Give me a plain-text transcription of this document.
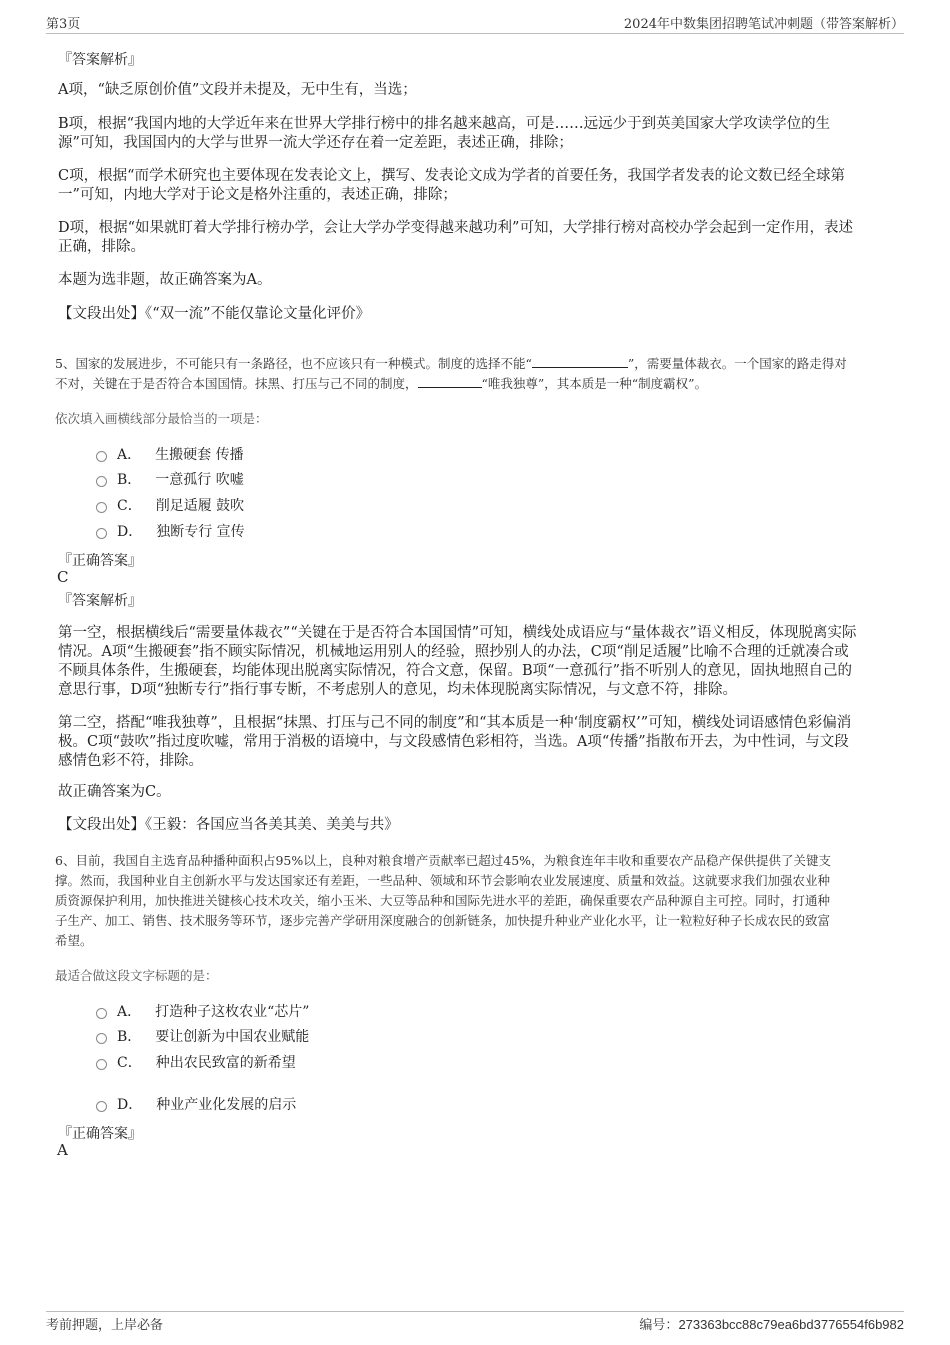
第3页	2024年中数集团招聘笔试冲刺题（带答案解析）
『答案解析』
A项，“缺乏原创价值”文段并未提及，无中生有，当选；
B项，根据“我国内地的大学近年来在世界大学排行榜中的排名越来越高，可是……远远少于到英美国家大学攻读学位的生
源”可知，我国国内的大学与世界一流大学还存在着一定差距，表述正确，排除；
C项，根据“而学术研究也主要体现在发表论文上，撰写、发表论文成为学者的首要任务，我国学者发表的论文数已经全球第
一”可知，内地大学对于论文是格外注重的，表述正确，排除；
D项，根据“如果就盯着大学排行榜办学，会让大学办学变得越来越功利”可知，大学排行榜对高校办学会起到一定作用，表述
正确，排除。
本题为选非题，故正确答案为A。
【文段出处】《“双一流”不能仅靠论文量化评价》
5、国家的发展进步，不可能只有一条路径，也不应该只有一种模式。制度的选择不能“	”，需要量体裁衣。一个国家的路走得对
不对，关键在于是否符合本国国情。抹黑、打压与己不同的制度，	“唯我独尊”，其本质是一种“制度霸权”。
依次填入画横线部分最恰当的一项是：
A． 生搬硬套 传播
B． 一意孤行 吹嘘
C． 削足适履 鼓吹
D． 独断专行 宣传
『正确答案』
C
『答案解析』
第一空，根据横线后“需要量体裁衣”“关键在于是否符合本国国情”可知，横线处成语应与“量体裁衣”语义相反，体现脱离实际
情况。A项“生搬硬套”指不顾实际情况，机械地运用别人的经验，照抄别人的办法，C项“削足适履”比喻不合理的迁就凑合或
不顾具体条件，生搬硬套，均能体现出脱离实际情况，符合文意，保留。B项“一意孤行”指不听别人的意见，固执地照自己的
意思行事，D项“独断专行”指行事专断，不考虑别人的意见，均未体现脱离实际情况，与文意不符，排除。
第二空，搭配“唯我独尊”，且根据“抹黑、打压与己不同的制度”和“其本质是一种‘制度霸权’”可知，横线处词语感情色彩偏消
极。C项“鼓吹”指过度吹嘘，常用于消极的语境中，与文段感情色彩相符，当选。A项“传播”指散布开去，为中性词，与文段
感情色彩不符，排除。
故正确答案为C。
【文段出处】《王毅：各国应当各美其美、美美与共》
6、目前，我国自主选育品种播种面积占95%以上，良种对粮食增产贡献率已超过45%，为粮食连年丰收和重要农产品稳产保供提供了关键支
撑。然而，我国种业自主创新水平与发达国家还有差距，一些品种、领域和环节会影响农业发展速度、质量和效益。这就要求我们加强农业种
质资源保护利用，加快推进关键核心技术攻关，缩小玉米、大豆等品种和国际先进水平的差距，确保重要农产品种源自主可控。同时，打通种
子生产、加工、销售、技术服务等环节，逐步完善产学研用深度融合的创新链条，加快提升种业产业化水平，让一粒粒好种子长成农民的致富
希望。
最适合做这段文字标题的是：
A． 打造种子这枚农业“芯片”
B． 要让创新为中国农业赋能
C． 种出农民致富的新希望
D． 种业产业化发展的启示
『正确答案』
A
考前押题，上岸必备	编号：273363bcc88c79ea6bd3776554f6b982
